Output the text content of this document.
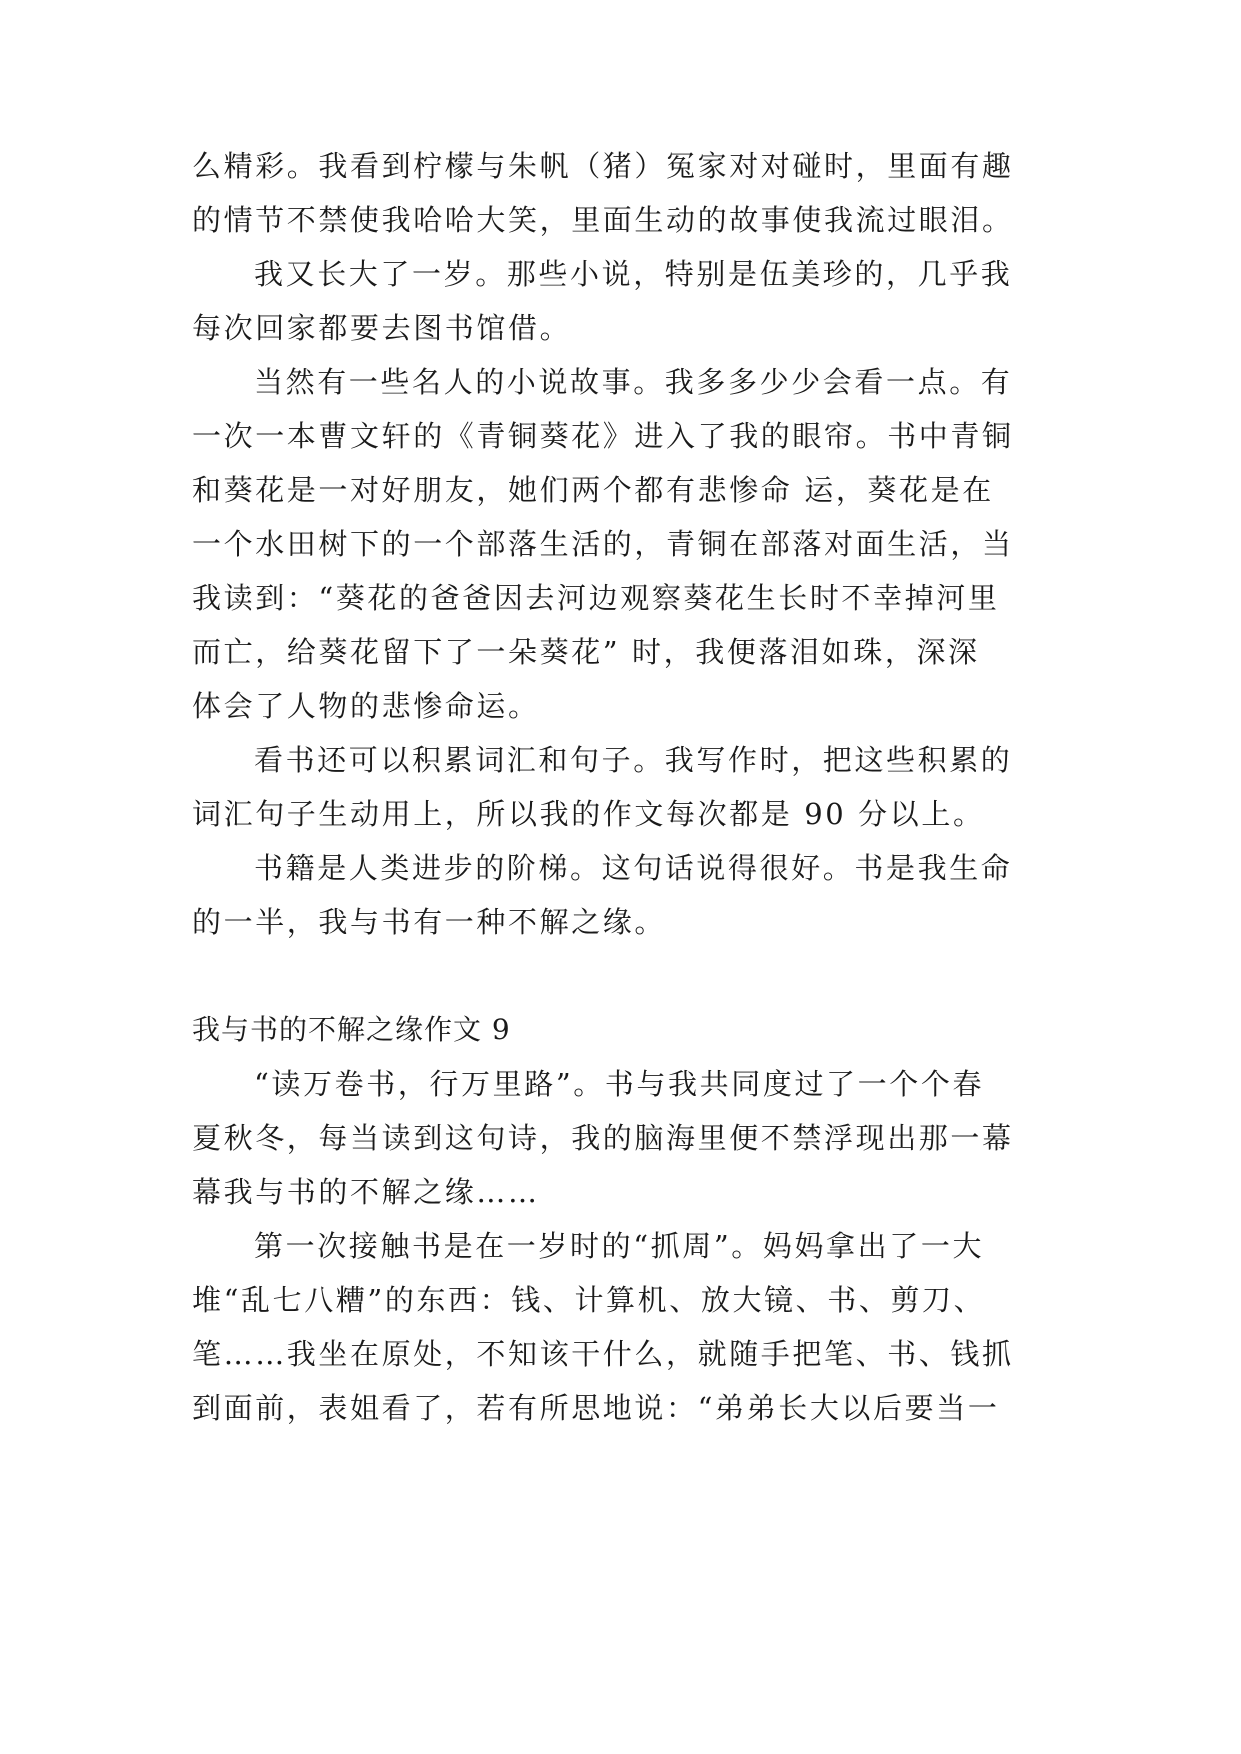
么精彩。我看到柠檬与朱帆（猪）冤家对对碰时，里面有趣
的情节不禁使我哈哈大笑，里面生动的故事使我流过眼泪。
我又长大了一岁。那些小说，特别是伍美珍的，几乎我
每次回家都要去图书馆借。
当然有一些名人的小说故事。我多多少少会看一点。有
一次一本曹文轩的《青铜葵花》进入了我的眼帘。书中青铜
和葵花是一对好朋友，她们两个都有悲惨命 运，葵花是在
一个水田树下的一个部落生活的，青铜在部落对面生活，当
我读到：“葵花的爸爸因去河边观察葵花生长时不幸掉河里
而亡，给葵花留下了一朵葵花” 时，我便落泪如珠，深深
体会了人物的悲惨命运。
看书还可以积累词汇和句子。我写作时，把这些积累的
词汇句子生动用上，所以我的作文每次都是 90 分以上。
书籍是人类进步的阶梯。这句话说得很好。书是我生命
的一半，我与书有一种不解之缘。
我与书的不解之缘作文 9
“读万卷书，行万里路”。书与我共同度过了一个个春
夏秋冬，每当读到这句诗，我的脑海里便不禁浮现出那一幕
幕我与书的不解之缘……
第一次接触书是在一岁时的“抓周”。妈妈拿出了一大
堆“乱七八糟”的东西：钱、计算机、放大镜、书、剪刀、
笔……我坐在原处，不知该干什么，就随手把笔、书、钱抓
到面前，表姐看了，若有所思地说：“弟弟长大以后要当一
